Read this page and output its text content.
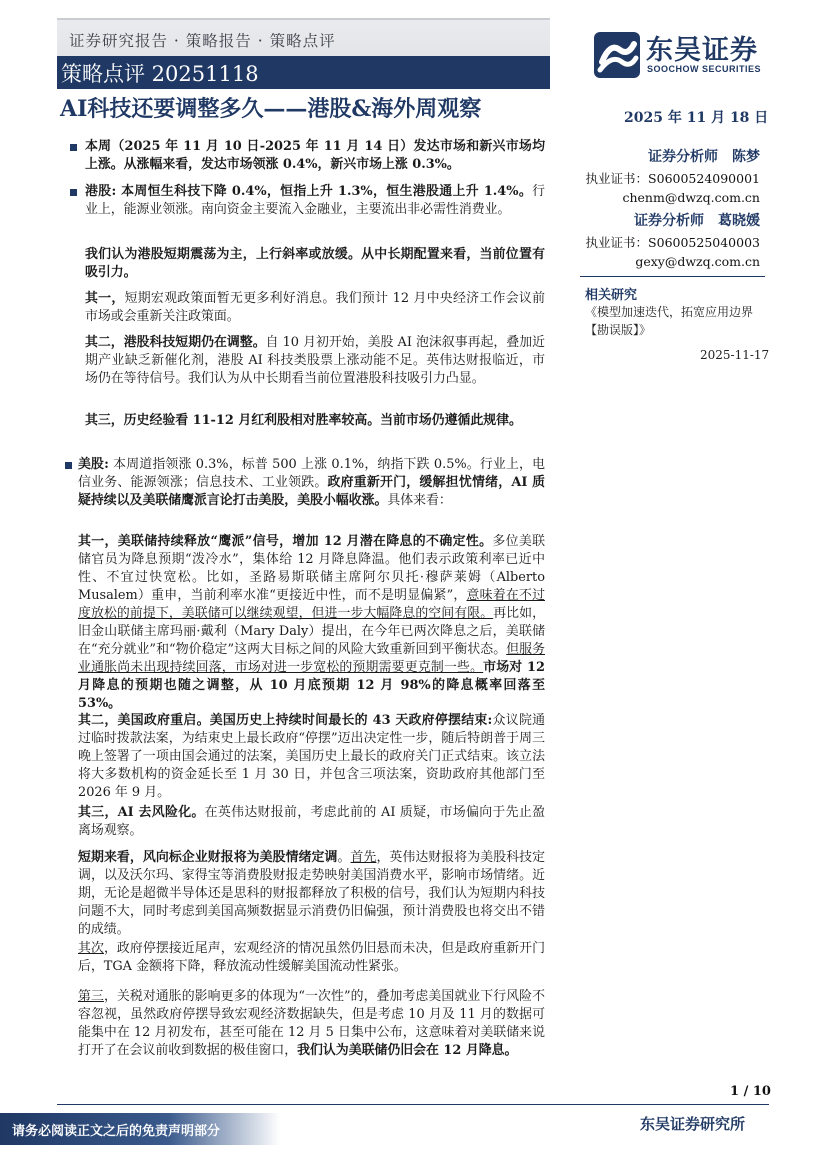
证券研究报告 · 策略报告 · 策略点评
策略点评 20251118
东吴证券
SOOCHOW SECURITIES
AI科技还要调整多久——港股&海外周观察	2025 年 11 月 18 日
证券分析师　陈梦
执业证书：S0600524090001
chenm@dwzq.com.cn
证券分析师　葛晓媛
执业证书：S0600525040003
gexy@dwzq.com.cn
相关研究
《模型加速迭代，拓宽应用边界【勘误版】》
2025-11-17

本周（2025 年 11 月 10 日-2025 年 11 月 14 日）发达市场和新兴市场均上涨。从涨幅来看，发达市场领涨 0.4%，新兴市场上涨 0.3%。

港股: 本周恒生科技下降 0.4%，恒指上升 1.3%，恒生港股通上升 1.4%。行业上，能源业领涨。南向资金主要流入金融业，主要流出非必需性消费业。

我们认为港股短期震荡为主，上行斜率或放缓。从中长期配置来看，当前位置有吸引力。

其一，短期宏观政策面暂无更多利好消息。我们预计 12 月中央经济工作会议前市场或会重新关注政策面。

其二，港股科技短期仍在调整。自 10 月初开始，美股 AI 泡沫叙事再起，叠加近期产业缺乏新催化剂，港股 AI 科技类股票上涨动能不足。英伟达财报临近，市场仍在等待信号。我们认为从中长期看当前位置港股科技吸引力凸显。

其三，历史经验看 11-12 月红利股相对胜率较高。当前市场仍遵循此规律。

美股: 本周道指领涨 0.3%，标普 500 上涨 0.1%，纳指下跌 0.5%。行业上，电信业务、能源领涨；信息技术、工业领跌。政府重新开门，缓解担忧情绪，AI 质疑持续以及美联储鹰派言论打击美股，美股小幅收涨。具体来看：

其一，美联储持续释放“鹰派”信号，增加 12 月潜在降息的不确定性。多位美联储官员为降息预期“泼冷水”，集体给 12 月降息降温。他们表示政策利率已近中性、不宜过快宽松。比如，圣路易斯联储主席阿尔贝托·穆萨莱姆（Alberto Musalem）重申，当前利率水准“更接近中性，而不是明显偏紧”，意味着在不过度放松的前提下，美联储可以继续观望，但进一步大幅降息的空间有限。再比如，旧金山联储主席玛丽·戴利（Mary Daly）提出，在今年已两次降息之后，美联储在“充分就业”和“物价稳定”这两大目标之间的风险大致重新回到平衡状态。但服务业通胀尚未出现持续回落，市场对进一步宽松的预期需要更克制一些。市场对 12 月降息的预期也随之调整，从 10 月底预期 12 月 98%的降息概率回落至 53%。

其二，美国政府重启。美国历史上持续时间最长的 43 天政府停摆结束:众议院通过临时拨款法案，为结束史上最长政府“停摆”迈出决定性一步，随后特朗普于周三晚上签署了一项由国会通过的法案，美国历史上最长的政府关门正式结束。该立法将大多数机构的资金延长至 1 月 30 日，并包含三项法案，资助政府其他部门至 2026 年 9 月。

其三，AI 去风险化。在英伟达财报前，考虑此前的 AI 质疑，市场偏向于先止盈离场观察。

短期来看，风向标企业财报将为美股情绪定调。首先，英伟达财报将为美股科技定调，以及沃尔玛、家得宝等消费股财报走势映射美国消费水平，影响市场情绪。近期，无论是超微半导体还是思科的财报都释放了积极的信号，我们认为短期内科技问题不大，同时考虑到美国高频数据显示消费仍旧偏强，预计消费股也将交出不错的成绩。

其次，政府停摆接近尾声，宏观经济的情况虽然仍旧悬而未决，但是政府重新开门后，TGA 金额将下降，释放流动性缓解美国流动性紧张。

第三，关税对通胀的影响更多的体现为“一次性”的，叠加考虑美国就业下行风险不容忽视，虽然政府停摆导致宏观经济数据缺失，但是考虑 10 月及 11 月的数据可能集中在 12 月初发布，甚至可能在 12 月 5 日集中公布，这意味着对美联储来说打开了在会议前收到数据的极佳窗口，我们认为美联储仍旧会在 12 月降息。

1 / 10
请务必阅读正文之后的免责声明部分	东吴证券研究所
